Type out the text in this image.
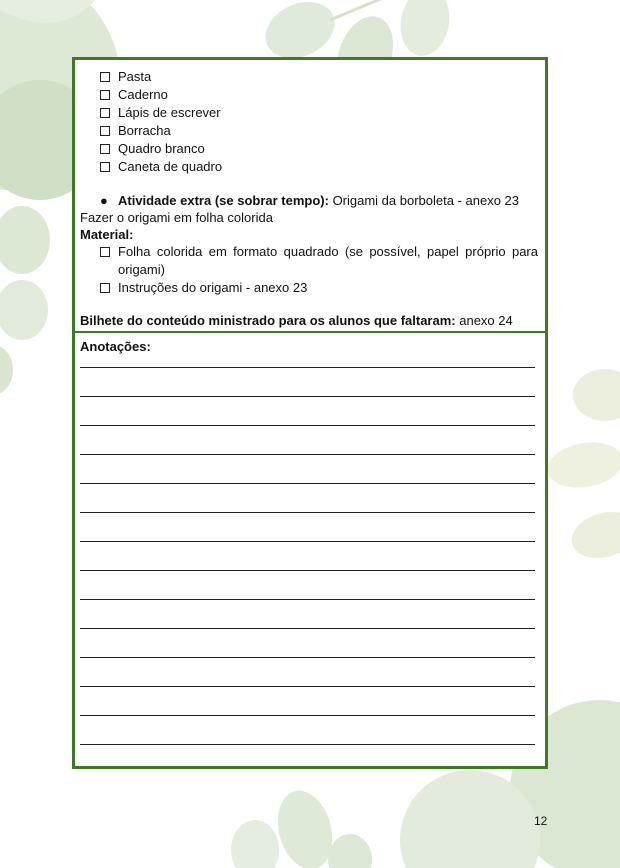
Pasta
Caderno
Lápis de escrever
Borracha
Quadro branco
Caneta de quadro
● Atividade extra (se sobrar tempo): Origami da borboleta - anexo 23
Fazer o origami em folha colorida
Material:
Folha colorida em formato quadrado (se possível, papel próprio para origami)
Instruções do origami - anexo 23
Bilhete do conteúdo ministrado para os alunos que faltaram: anexo 24
Anotações:
12
